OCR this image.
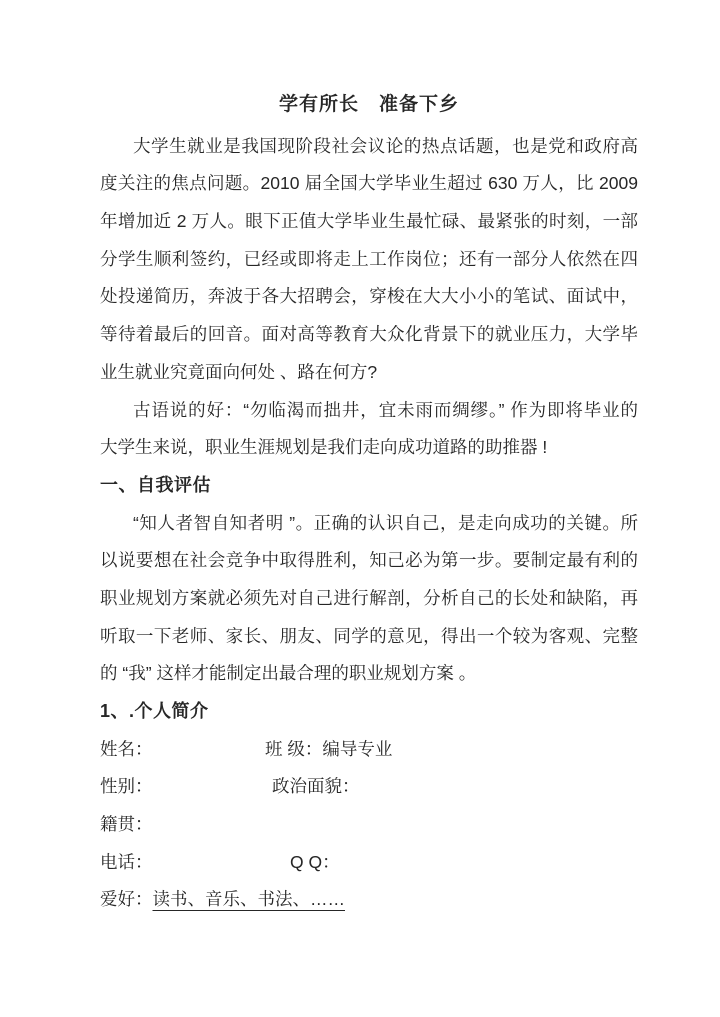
学有所长　准备下乡
大学生就业是我国现阶段社会议论的热点话题，也是党和政府高
度关注的焦点问题。2010 届全国大学毕业生超过 630 万人，比 2009
年增加近 2 万人。眼下正值大学毕业生最忙碌、最紧张的时刻，一部
分学生顺利签约，已经或即将走上工作岗位；还有一部分人依然在四
处投递简历，奔波于各大招聘会，穿梭在大大小小的笔试、面试中，
等待着最后的回音。面对高等教育大众化背景下的就业压力，大学毕
业生就业究竟面向何处 、路在何方?
古语说的好：“勿临渴而拙井，宜未雨而绸缪。” 作为即将毕业的
大学生来说，职业生涯规划是我们走向成功道路的助推器 !
一、自我评估
“知人者智自知者明 ”。正确的认识自己，是走向成功的关键。所
以说要想在社会竞争中取得胜利，知己必为第一步。要制定最有利的
职业规划方案就必须先对自己进行解剖，分析自己的长处和缺陷，再
听取一下老师、家长、朋友、同学的意见，得出一个较为客观、完整
的 “我” 这样才能制定出最合理的职业规划方案 。
1、.个人简介
姓名：	班 级：编导专业
性别：	政治面貌：
籍贯：
电话：	Q Q：
爱好：读书、音乐、书法、……
